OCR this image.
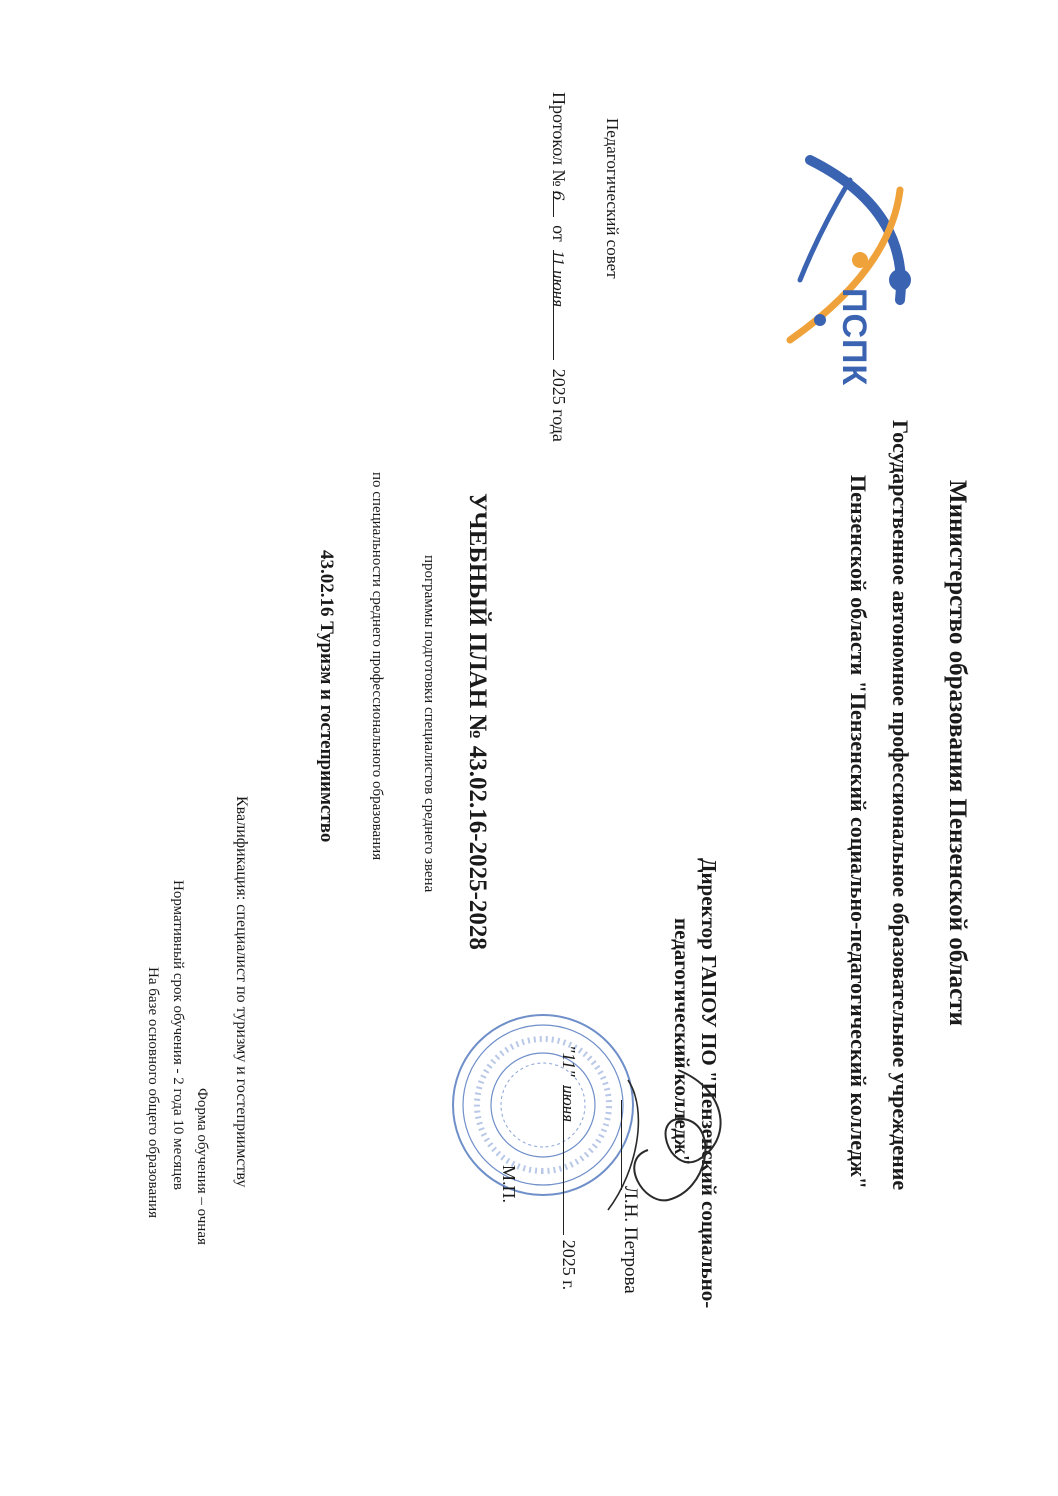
ПСПК
Министерство образования Пензенской области
Государственное автономное профессиональное образовательное учреждение
Пензенской области "Пензенский социально-педагогический колледж"
Педагогический совет
Протокол №6 от 11 июня 2025 года
Директор ГАПОУ ПО "Пензенский социально-
педагогический колледж"
Л.Н. Петрова
"11" июня 2025 г.
М.П.
УЧЕБНЫЙ ПЛАН № 43.02.16-2025-2028
программы подготовки специалистов среднего звена
по специальности среднего профессионального образования
43.02.16 Туризм и гостеприимство
Квалификация: специалист по туризму и гостеприимству
Форма обучения – очная
Нормативный срок обучения - 2 года 10 месяцев
На базе основного общего образования
